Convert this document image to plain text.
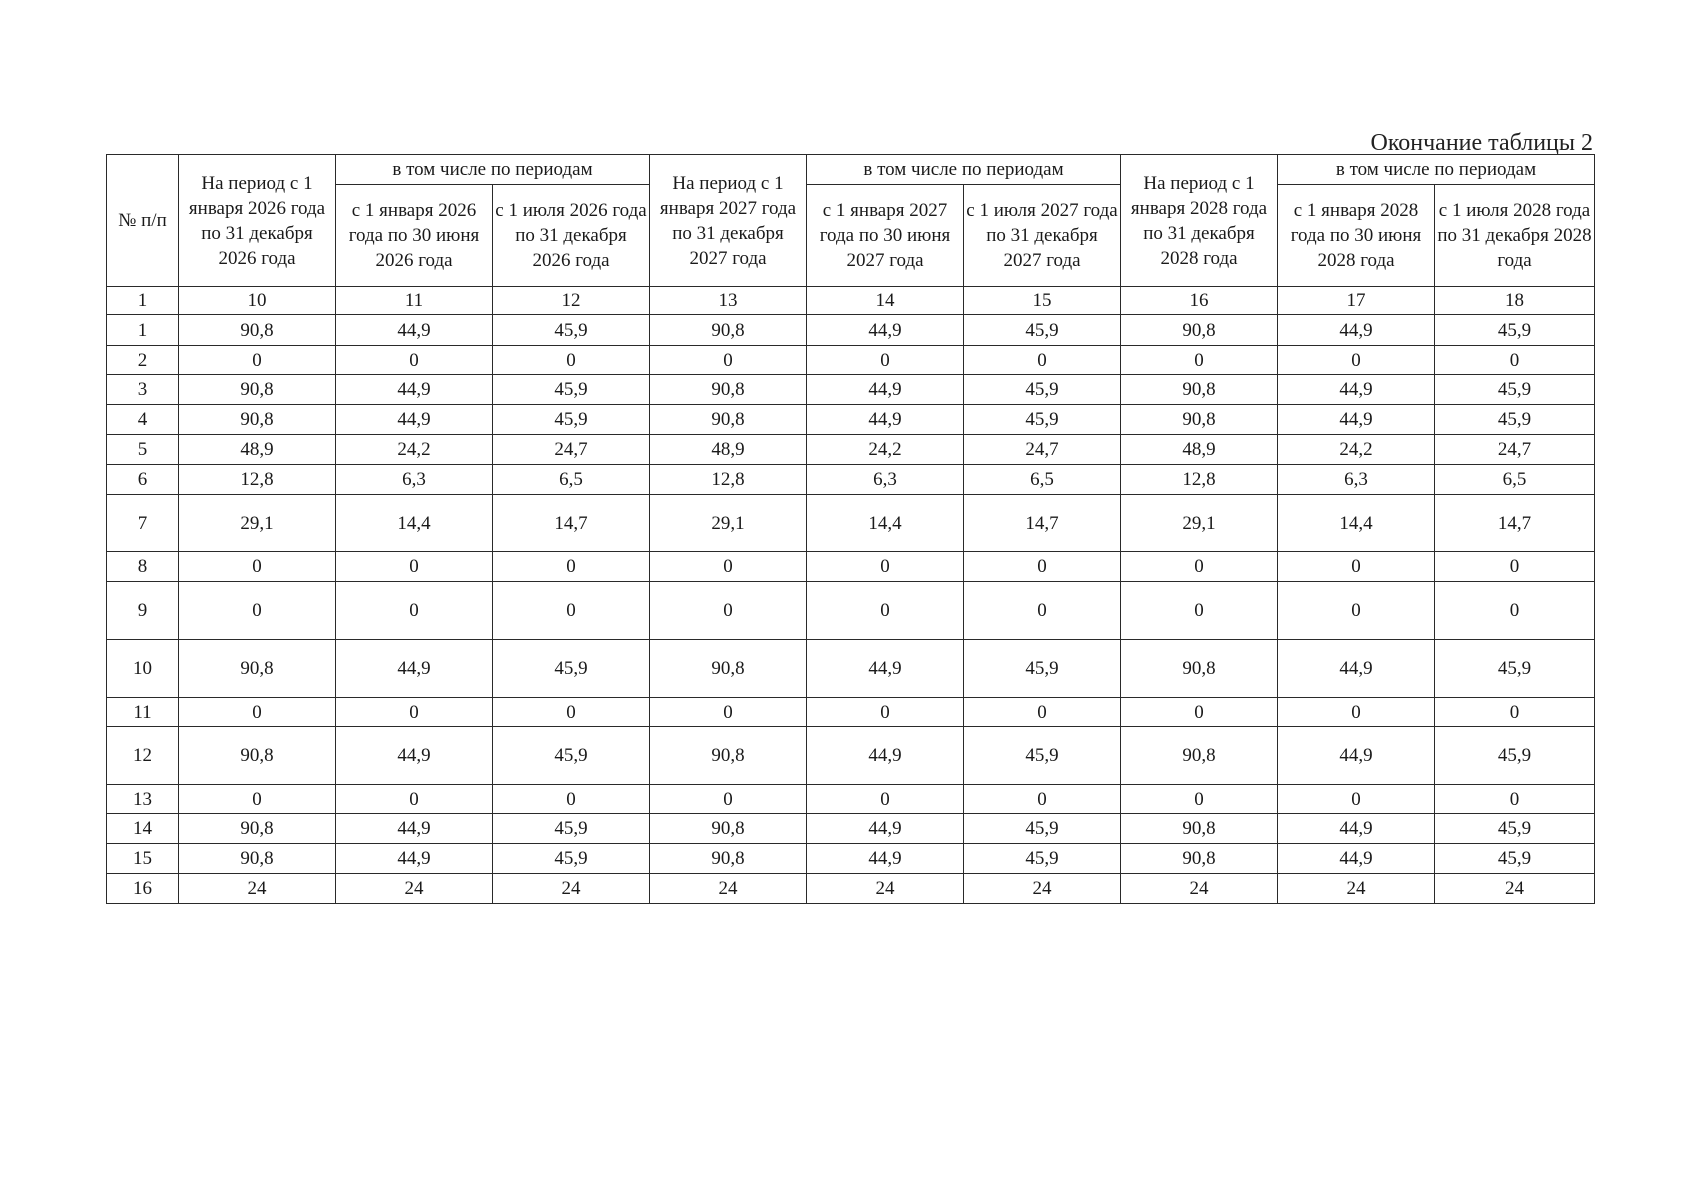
Окончание таблицы 2
№ п/п	На период с 1 января 2026 года по 31 декабря 2026 года	в том числе по периодам		На период с 1 января 2027 года по 31 декабря 2027 года	в том числе по периодам		На период с 1 января 2028 года по 31 декабря 2028 года	в том числе по периодам	
		с 1 января 2026 года по 30 июня 2026 года	с 1 июля 2026 года по 31 декабря 2026 года		с 1 января 2027 года по 30 июня 2027 года	с 1 июля 2027 года по 31 декабря 2027 года		с 1 января 2028 года по 30 июня 2028 года	с 1 июля 2028 года по 31 декабря 2028 года
1	10	11	12	13	14	15	16	17	18
1	90,8	44,9	45,9	90,8	44,9	45,9	90,8	44,9	45,9
2	0	0	0	0	0	0	0	0	0
3	90,8	44,9	45,9	90,8	44,9	45,9	90,8	44,9	45,9
4	90,8	44,9	45,9	90,8	44,9	45,9	90,8	44,9	45,9
5	48,9	24,2	24,7	48,9	24,2	24,7	48,9	24,2	24,7
6	12,8	6,3	6,5	12,8	6,3	6,5	12,8	6,3	6,5
7	29,1	14,4	14,7	29,1	14,4	14,7	29,1	14,4	14,7
8	0	0	0	0	0	0	0	0	0
9	0	0	0	0	0	0	0	0	0
10	90,8	44,9	45,9	90,8	44,9	45,9	90,8	44,9	45,9
11	0	0	0	0	0	0	0	0	0
12	90,8	44,9	45,9	90,8	44,9	45,9	90,8	44,9	45,9
13	0	0	0	0	0	0	0	0	0
14	90,8	44,9	45,9	90,8	44,9	45,9	90,8	44,9	45,9
15	90,8	44,9	45,9	90,8	44,9	45,9	90,8	44,9	45,9
16	24	24	24	24	24	24	24	24	24
